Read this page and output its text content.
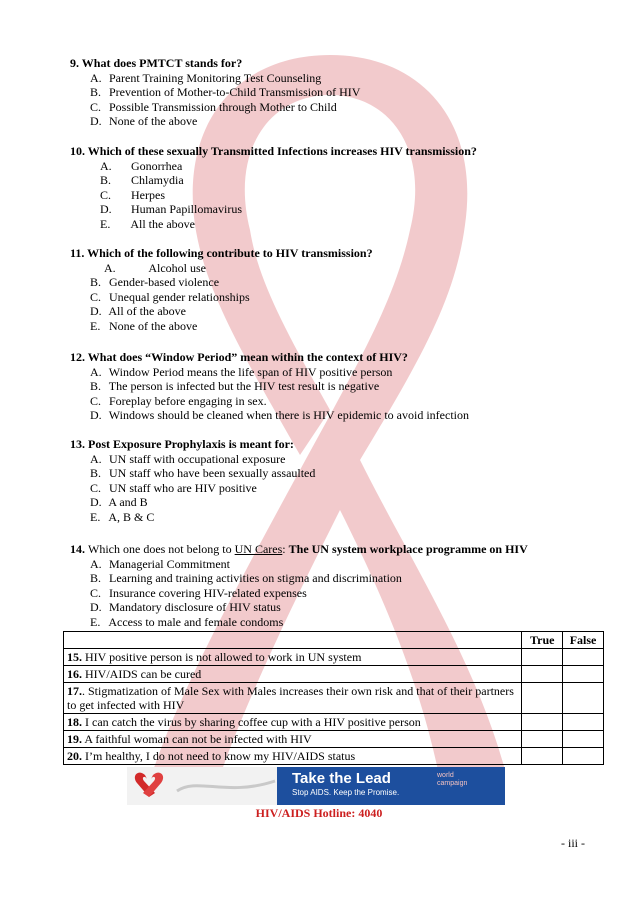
9. What does PMTCT stands for?
A. Parent Training Monitoring Test Counseling
B. Prevention of Mother-to-Child Transmission of HIV
C. Possible Transmission through Mother to Child
D. None of the above
10. Which of these sexually Transmitted Infections increases HIV transmission?
A. Gonorrhea
B. Chlamydia
C. Herpes
D. Human Papillomavirus
E. All the above
11. Which of the following contribute to HIV transmission?
A.	Alcohol use
B. Gender-based violence
C. Unequal gender relationships
D. All of the above
E. None of the above
12. What does “Window Period” mean within the context of HIV?
A. Window Period means the life span of HIV positive person
B. The person is infected but the HIV test result is negative
C. Foreplay before engaging in sex.
D. Windows should be cleaned when there is HIV epidemic to avoid infection
13. Post Exposure Prophylaxis is meant for:
A. UN staff with occupational exposure
B. UN staff who have been sexually assaulted
C. UN staff who are HIV positive
D. A and B
E. A, B & C
14. Which one does not belong to UN Cares: The UN system workplace programme on HIV
A. Managerial Commitment
B. Learning and training activities on stigma and discrimination
C. Insurance covering HIV-related expenses
D. Mandatory disclosure of HIV status
E. Access to male and female condoms
	True	False
15. HIV positive person is not allowed to work in UN system		
16. HIV/AIDS can be cured		
17.. Stigmatization of Male Sex with Males increases their own risk and that of their partners to get infected with HIV		
18. I can catch the virus by sharing coffee cup with a HIV positive person		
19. A faithful woman can not be infected with HIV		
20. I’m healthy, I do not need to know my HIV/AIDS status		
Take the Lead
Stop AIDS. Keep the Promise.
world campaign
HIV/AIDS Hotline: 4040
- iii -
